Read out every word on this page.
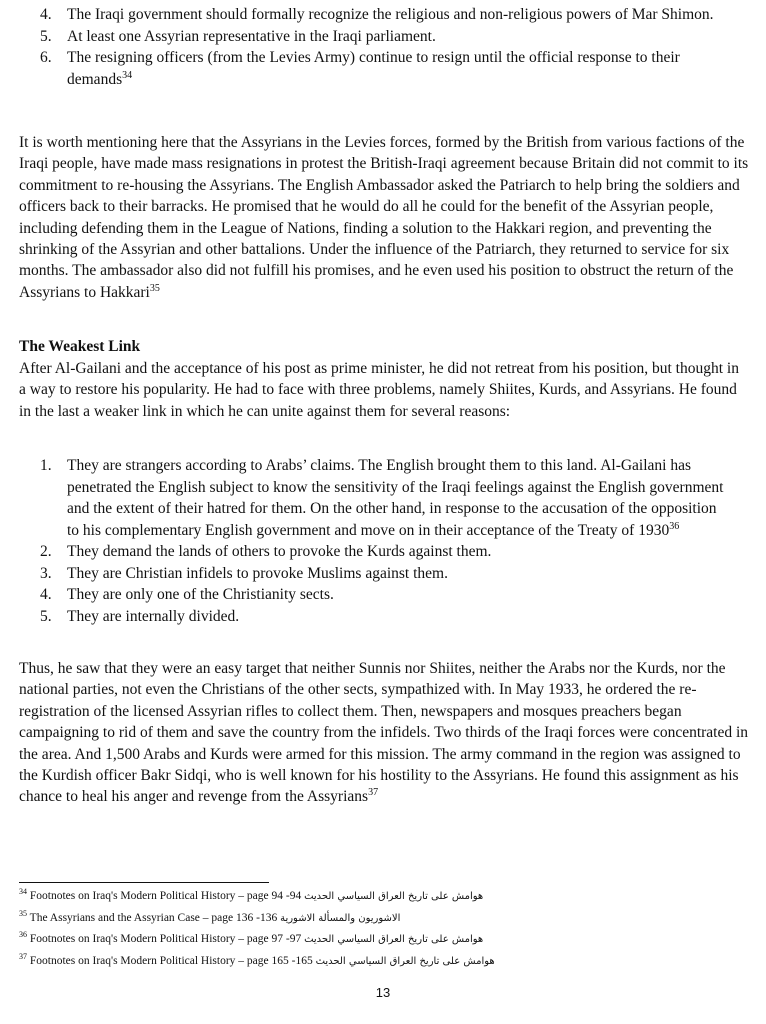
4. The Iraqi government should formally recognize the religious and non-religious powers of Mar Shimon.
5. At least one Assyrian representative in the Iraqi parliament.
6. The resigning officers (from the Levies Army) continue to resign until the official response to their demands$^{34}$

It is worth mentioning here that the Assyrians in the Levies forces, formed by the British from various factions of the Iraqi people, have made mass resignations in protest the British-Iraqi agreement because Britain did not commit to its commitment to re-housing the Assyrians. The English Ambassador asked the Patriarch to help bring the soldiers and officers back to their barracks. He promised that he would do all he could for the benefit of the Assyrian people, including defending them in the League of Nations, finding a solution to the Hakkari region, and preventing the shrinking of the Assyrian and other battalions. Under the influence of the Patriarch, they returned to service for six months. The ambassador also did not fulfill his promises, and he even used his position to obstruct the return of the Assyrians to Hakkari$^{35}$

The Weakest Link

After Al-Gailani and the acceptance of his post as prime minister, he did not retreat from his position, but thought in a way to restore his popularity. He had to face with three problems, namely Shiites, Kurds, and Assyrians. He found in the last a weaker link in which he can unite against them for several reasons:

1. They are strangers according to Arabs’ claims. The English brought them to this land. Al-Gailani has penetrated the English subject to know the sensitivity of the Iraqi feelings against the English government and the extent of their hatred for them. On the other hand, in response to the accusation of the opposition to his complementary English government and move on in their acceptance of the Treaty of 1930$^{36}$
2. They demand the lands of others to provoke the Kurds against them.
3. They are Christian infidels to provoke Muslims against them.
4. They are only one of the Christianity sects.
5. They are internally divided.

Thus, he saw that they were an easy target that neither Sunnis nor Shiites, neither the Arabs nor the Kurds, nor the national parties, not even the Christians of the other sects, sympathized with. In May 1933, he ordered the re-registration of the licensed Assyrian rifles to collect them. Then, newspapers and mosques preachers began campaigning to rid of them and save the country from the infidels. Two thirds of the Iraqi forces were concentrated in the area. And 1,500 Arabs and Kurds were armed for this mission. The army command in the region was assigned to the Kurdish officer Bakr Sidqi, who is well known for his hostility to the Assyrians. He found this assignment as his chance to heal his anger and revenge from the Assyrians$^{37}$

$^{34}$ Footnotes on Iraq's Modern Political History – page 94 -94 هوامش على تاريخ العراق السياسي الحديث
$^{35}$ The Assyrians and the Assyrian Case – page 136 -136 الاشوريون والمسألة الاشورية
$^{36}$ Footnotes on Iraq's Modern Political History – page 97 -97 هوامش على تاريخ العراق السياسي الحديث
$^{37}$ Footnotes on Iraq's Modern Political History – page 165 -165 هوامش على تاريخ العراق السياسي الحديث
13
